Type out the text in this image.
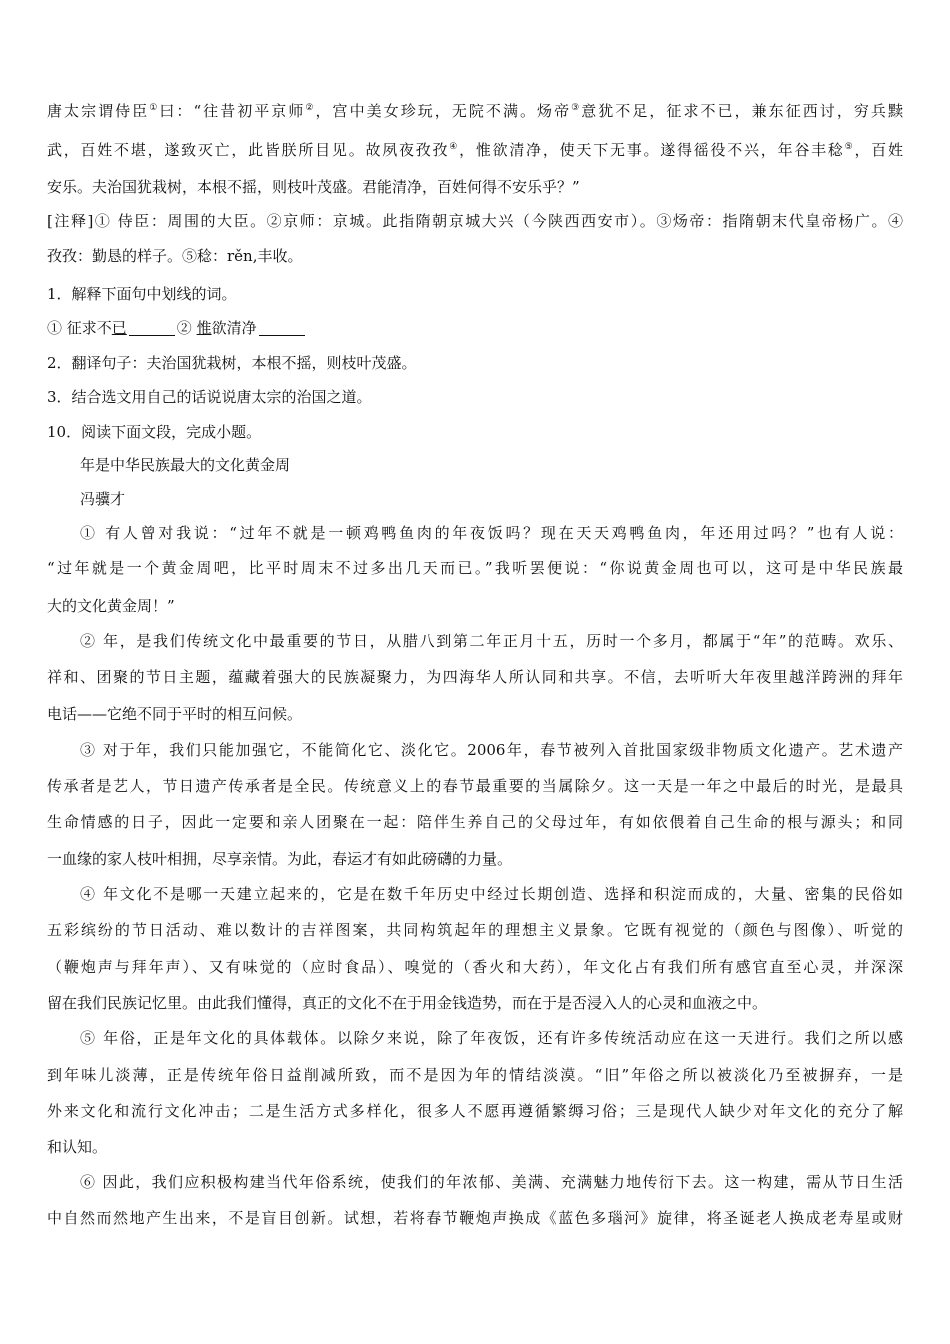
唐太宗谓侍臣①曰：“往昔初平京师②，宫中美女珍玩，无院不满。炀帝③意犹不足，征求不已，兼东征西讨，穷兵黩
武，百姓不堪，遂致灭亡，此皆朕所目见。故夙夜孜孜④，惟欲清净，使天下无事。遂得徭役不兴，年谷丰稔⑤，百姓
安乐。夫治国犹栽树，本根不摇，则枝叶茂盛。君能清净，百姓何得不安乐乎？”
[注释]① 侍臣：周围的大臣。②京师：京城。此指隋朝京城大兴（今陕西西安市）。③炀帝：指隋朝末代皇帝杨广。④
孜孜：勤恳的样子。⑤稔：rěn,丰收。
1．解释下面句中划线的词。
① 征求不已	② 惟欲清净
2．翻译句子：夫治国犹栽树，本根不摇，则枝叶茂盛。
3．结合选文用自己的话说说唐太宗的治国之道。
10．阅读下面文段，完成小题。
年是中华民族最大的文化黄金周
冯骥才
① 有人曾对我说：“过年不就是一顿鸡鸭鱼肉的年夜饭吗？现在天天鸡鸭鱼肉，年还用过吗？”也有人说：
“过年就是一个黄金周吧，比平时周末不过多出几天而已。”我听罢便说：“你说黄金周也可以，这可是中华民族最
大的文化黄金周！”
② 年，是我们传统文化中最重要的节日，从腊八到第二年正月十五，历时一个多月，都属于“年”的范畴。欢乐、
祥和、团聚的节日主题，蕴藏着强大的民族凝聚力，为四海华人所认同和共享。不信，去听听大年夜里越洋跨洲的拜年
电话——它绝不同于平时的相互问候。
③ 对于年，我们只能加强它，不能简化它、淡化它。2006年，春节被列入首批国家级非物质文化遗产。艺术遗产
传承者是艺人，节日遗产传承者是全民。传统意义上的春节最重要的当属除夕。这一天是一年之中最后的时光，是最具
生命情感的日子，因此一定要和亲人团聚在一起：陪伴生养自己的父母过年，有如依偎着自己生命的根与源头；和同
一血缘的家人枝叶相拥，尽享亲情。为此，春运才有如此磅礴的力量。
④ 年文化不是哪一天建立起来的，它是在数千年历史中经过长期创造、选择和积淀而成的，大量、密集的民俗如
五彩缤纷的节日活动、难以数计的吉祥图案，共同构筑起年的理想主义景象。它既有视觉的（颜色与图像）、听觉的
（鞭炮声与拜年声）、又有味觉的（应时食品）、嗅觉的（香火和大药），年文化占有我们所有感官直至心灵，并深深
留在我们民族记忆里。由此我们懂得，真正的文化不在于用金钱造势，而在于是否浸入人的心灵和血液之中。
⑤ 年俗，正是年文化的具体载体。以除夕来说，除了年夜饭，还有许多传统活动应在这一天进行。我们之所以感
到年味儿淡薄，正是传统年俗日益削减所致，而不是因为年的情结淡漠。“旧”年俗之所以被淡化乃至被摒弃，一是
外来文化和流行文化冲击；二是生活方式多样化，很多人不愿再遵循繁缛习俗；三是现代人缺少对年文化的充分了解
和认知。
⑥ 因此，我们应积极构建当代年俗系统，使我们的年浓郁、美满、充满魅力地传衍下去。这一构建，需从节日生活
中自然而然地产生出来，不是盲目创新。试想，若将春节鞭炮声换成《蓝色多瑙河》旋律，将圣诞老人换成老寿星或财
